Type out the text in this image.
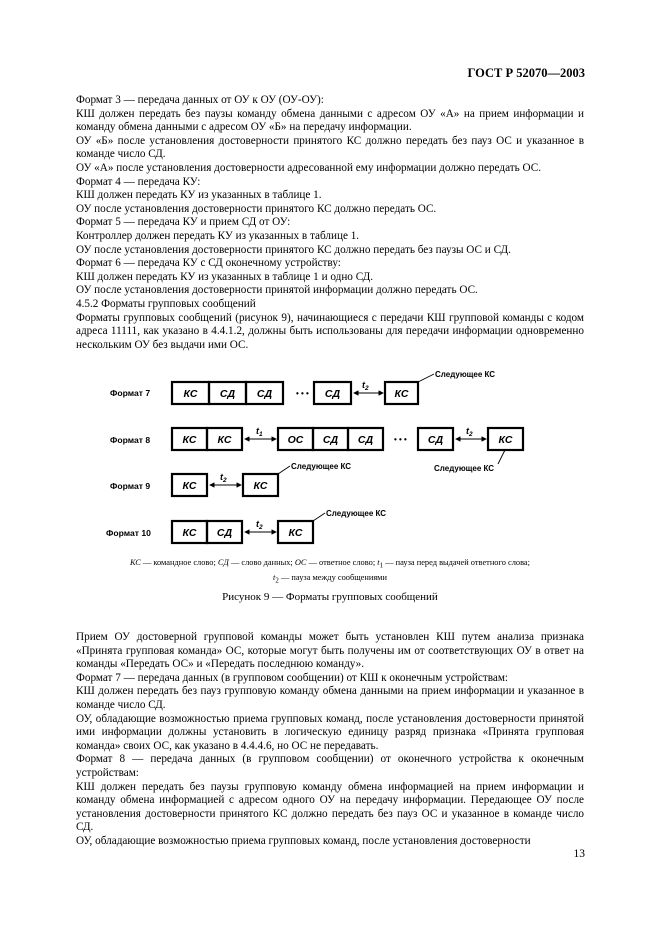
ГОСТ Р 52070—2003

Формат 3 — передача данных от ОУ к ОУ (ОУ-ОУ):

КШ должен передать без паузы команду обмена данными с адресом ОУ «А» на прием информации и команду обмена данными с адресом ОУ «Б» на передачу информации.

ОУ «Б» после установления достоверности принятого КС должно передать без пауз ОС и указанное в команде число СД.

ОУ «А» после установления достоверности адресованной ему информации должно передать ОС.

Формат 4 — передача КУ:

КШ должен передать КУ из указанных в таблице 1.

ОУ после установления достоверности принятого КС должно передать ОС.

Формат 5 — передача КУ и прием СД от ОУ:

Контроллер должен передать КУ из указанных в таблице 1.

ОУ после установления достоверности принятого КС должно передать без паузы ОС и СД.

Формат 6 — передача КУ с СД оконечному устройству:

КШ должен передать КУ из указанных в таблице 1 и одно СД.

ОУ после установления достоверности принятой информации должно передать ОС.

4.5.2 Форматы групповых сообщений

Форматы групповых сообщений (рисунок 9), начинающиеся с передачи КШ групповой команды с кодом адреса 11111, как указано в 4.4.1.2, должны быть использованы для передачи информации одновременно нескольким ОУ без выдачи ими ОС.

Формат 7	КС СД СД	• • • СД
$t_2$ КС
Следующее КС
Формат 8	КС КС
$t_1$ ОС СД СД	• • • СД
$t_2$ КС
Следующее КС
Формат 9	КС
$t_2$	КС
Следующее КС
Формат 10	КС СД
$t_2$ КС
Следующее КС
КС — командное слово; СД — слово данных; ОС — ответное слово; $t_1$ — пауза перед выдачей ответного слова;
$t_2$ — пауза между сообщениями
Рисунок 9 — Форматы групповых сообщений

Прием ОУ достоверной групповой команды может быть установлен КШ путем анализа признака «Принята групповая команда» ОС, которые могут быть получены им от соответствующих ОУ в ответ на команды «Передать ОС» и «Передать последнюю команду».

Формат 7 — передача данных (в групповом сообщении) от КШ к оконечным устройствам:

КШ должен передать без пауз групповую команду обмена данными на прием информации и указанное в команде число СД.

ОУ, обладающие возможностью приема групповых команд, после установления достоверности принятой ими информации должны установить в логическую единицу разряд признака «Принята групповая команда» своих ОС, как указано в 4.4.4.6, но ОС не передавать.

Формат 8 — передача данных (в групповом сообщении) от оконечного устройства к оконечным устройствам:

КШ должен передать без паузы групповую команду обмена информацией на прием информации и команду обмена информацией с адресом одного ОУ на передачу информации. Передающее ОУ после установления достоверности принятого КС должно передать без пауз ОС и указанное в команде число СД.

ОУ, обладающие возможностью приема групповых команд, после установления достоверности

13
